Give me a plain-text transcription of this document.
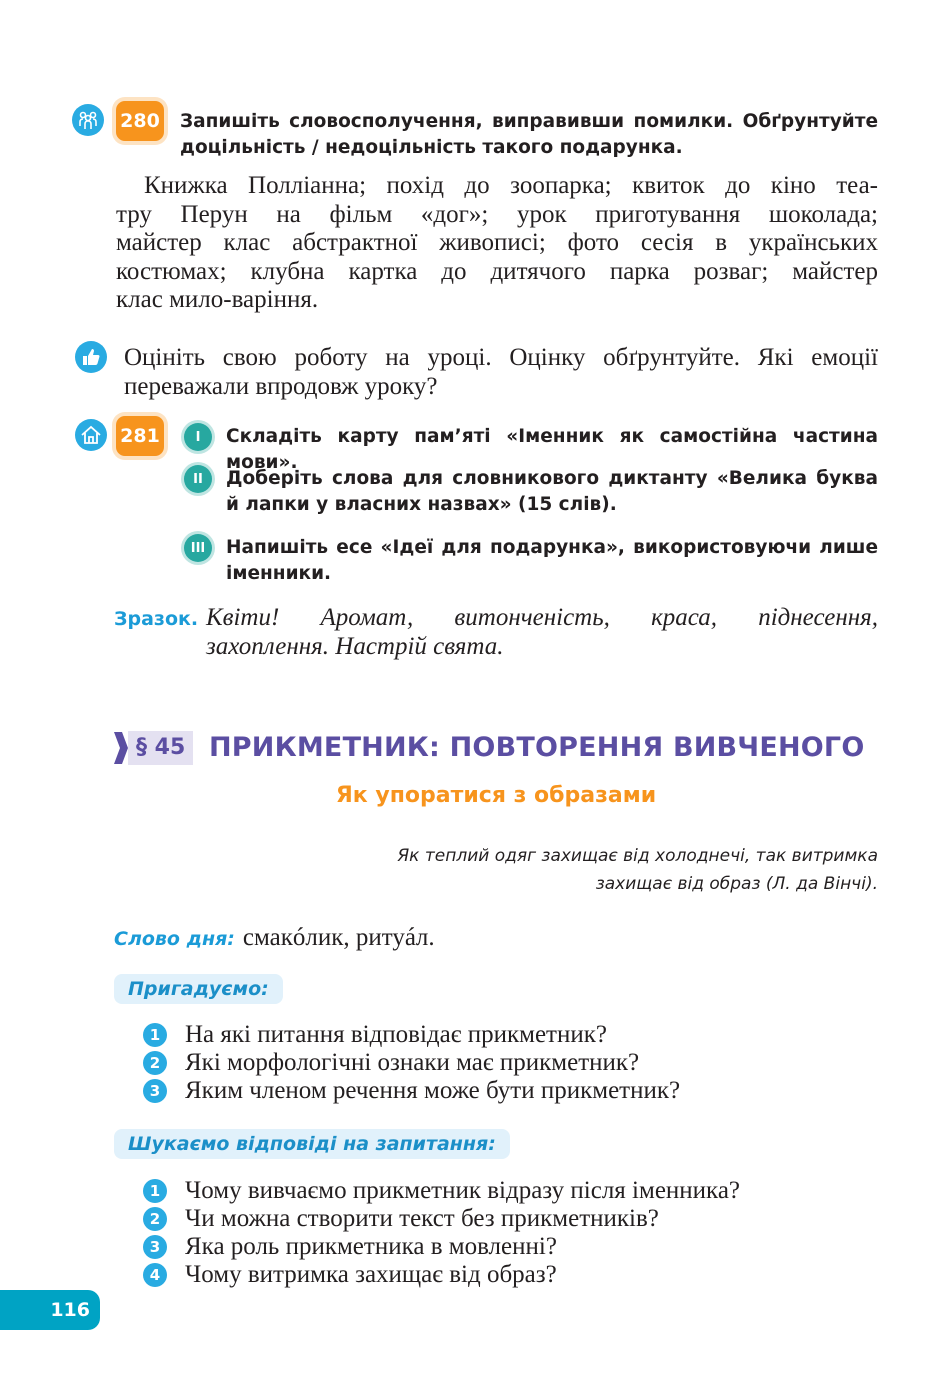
280 Запишіть словосполучення, виправивши помилки. Обґрунтуйте
доцільність / недоцільність такого подарунка.
Книжка Поллiанна; похід до зоопарка; квиток до кіно теа-
тру Перун на фільм «дог»; урок приготування шоколада;
майстер клас абстрактної живописі; фото сесія в українських
костюмах; клубна картка до дитячого парка розваг; майстер
клас мило-варіння.
Оцініть свою роботу на уроці. Оцінку обґрунтуйте. Які емоції
переважали впродовж уроку?
281	I	Складіть карту пам’яті «Іменник як самостійна частина мови».
II	Доберіть слова для словникового диктанту «Велика буква
й лапки у власних назвах» (15 слів).
III	Напишіть есе «Ідеї для подарунка», використовуючи лише
іменники.
Зразок. Квіти! Аромат, витонченість, краса, піднесення,
захоплення. Настрій свята.
§ 45 ПРИКМЕТНИК: ПОВТОРЕННЯ ВИВЧЕНОГО
Як упоратися з образами
Як теплий одяг захищає від холоднечі, так витримка
захищає від образ (Л. да Вінчі).
Слово дня: смакóлик, ритуáл.
Пригадуємо:
1 На які питання відповідає прикметник?
2 Які морфологічні ознаки має прикметник?
3 Яким членом речення може бути прикметник?
Шукаємо відповіді на запитання:
1 Чому вивчаємо прикметник відразу після іменника?
2 Чи можна створити текст без прикметників?
3 Яка роль прикметника в мовленні?
4 Чому витримка захищає від образ?
116
